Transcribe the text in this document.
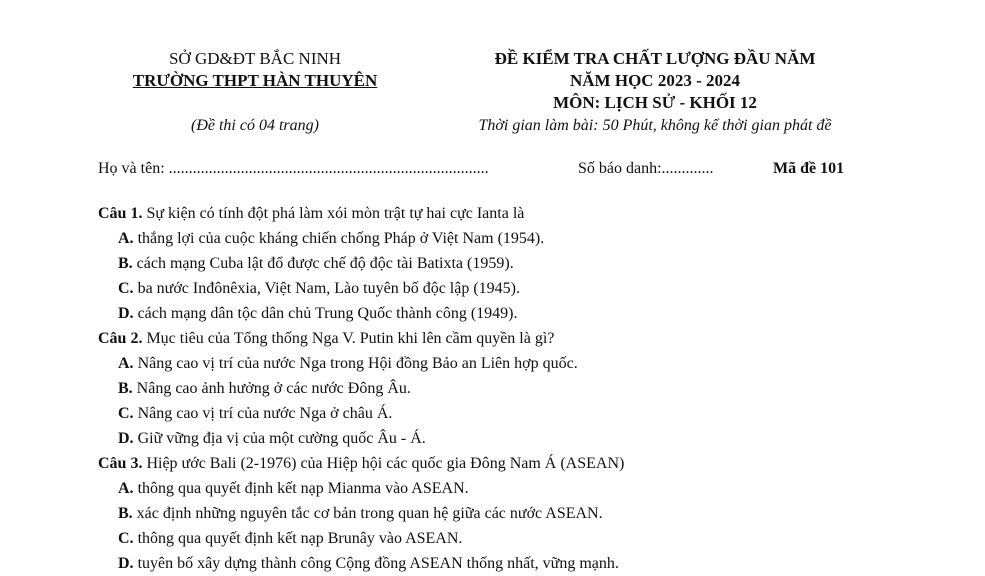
SỞ GD&ĐT BẮC NINH
TRƯỜNG THPT HÀN THUYÊN
ĐỀ KIỂM TRA CHẤT LƯỢNG ĐẦU NĂM
NĂM HỌC 2023 - 2024
MÔN: LỊCH SỬ - KHỐI 12
(Đề thi có 04 trang)	Thời gian làm bài: 50 Phút, không kể thời gian phát đề
Họ và tên: ................................................................................	Số báo danh:.............	Mã đề 101
Câu 1. Sự kiện có tính đột phá làm xói mòn trật tự hai cực Ianta là
A. thắng lợi của cuộc kháng chiến chống Pháp ở Việt Nam (1954).
B. cách mạng Cuba lật đổ được chế độ độc tài Batixta (1959).
C. ba nước Inđônêxia, Việt Nam, Lào tuyên bố độc lập (1945).
D. cách mạng dân tộc dân chủ Trung Quốc thành công (1949).
Câu 2. Mục tiêu của Tổng thống Nga V. Putin khi lên cầm quyền là gì?
A. Nâng cao vị trí của nước Nga trong Hội đồng Bảo an Liên hợp quốc.
B. Nâng cao ảnh hưởng ở các nước Đông Âu.
C. Nâng cao vị trí của nước Nga ở châu Á.
D. Giữ vững địa vị của một cường quốc Âu - Á.
Câu 3. Hiệp ước Bali (2-1976) của Hiệp hội các quốc gia Đông Nam Á (ASEAN)
A. thông qua quyết định kết nạp Mianma vào ASEAN.
B. xác định những nguyên tắc cơ bản trong quan hệ giữa các nước ASEAN.
C. thông qua quyết định kết nạp Brunây vào ASEAN.
D. tuyên bố xây dựng thành công Cộng đồng ASEAN thống nhất, vững mạnh.
